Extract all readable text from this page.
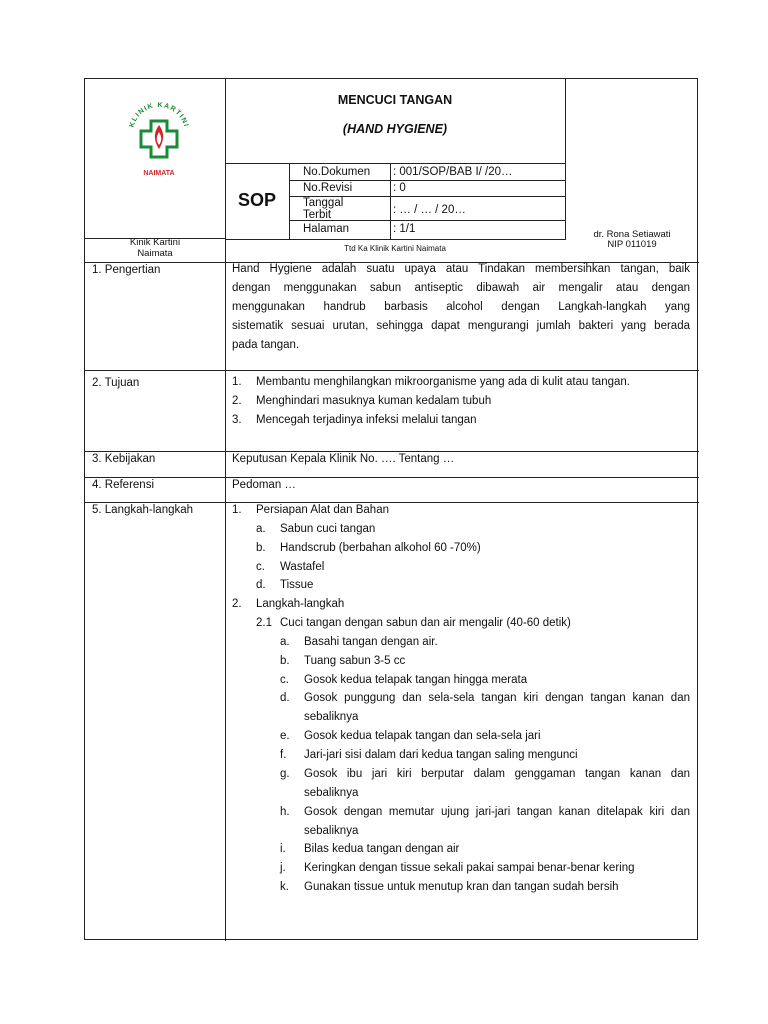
KLINIK KARTINI
NAIMATA
MENCUCI TANGAN
(HAND HYGIENE)
SOP
No.Dokumen : 001/SOP/BAB I/ /20…
No.Revisi	: 0
Tanggal
Terbit	: … / … / 20…
Halaman	: 1/1
Kinik Kartini
Naimata	Ttd Ka Klinik Kartini Naimata
dr. Rona Setiawati
NIP 011019
1. Pengertian	Hand Hygiene adalah suatu upaya atau Tindakan membersihkan tangan, baik
dengan menggunakan sabun antiseptic dibawah air mengalir atau dengan
menggunakan handrub barbasis alcohol dengan Langkah-langkah yang
sistematik sesuai urutan, sehingga dapat mengurangi jumlah bakteri yang berada
pada tangan.
2. Tujuan	1. Membantu menghilangkan mikroorganisme yang ada di kulit atau tangan.
2. Menghindari masuknya kuman kedalam tubuh
3. Mencegah terjadinya infeksi melalui tangan
3. Kebijakan	Keputusan Kepala Klinik No. …. Tentang …
4. Referensi	Pedoman …
5. Langkah-langkah	1. Persiapan Alat dan Bahan
a. Sabun cuci tangan
b. Handscrub (berbahan alkohol 60 -70%)
c. Wastafel
d. Tissue
2. Langkah-langkah
2.1 Cuci tangan dengan sabun dan air mengalir (40-60 detik)
a. Basahi tangan dengan air.
b. Tuang sabun 3-5 cc
c. Gosok kedua telapak tangan hingga merata
d. Gosok punggung dan sela-sela tangan kiri dengan tangan kanan dan
sebaliknya
e. Gosok kedua telapak tangan dan sela-sela jari
f. Jari-jari sisi dalam dari kedua tangan saling mengunci
g. Gosok ibu jari kiri berputar dalam genggaman tangan kanan dan
sebaliknya
h. Gosok dengan memutar ujung jari-jari tangan kanan ditelapak kiri dan
sebaliknya
i. Bilas kedua tangan dengan air
j. Keringkan dengan tissue sekali pakai sampai benar-benar kering
k. Gunakan tissue untuk menutup kran dan tangan sudah bersih
